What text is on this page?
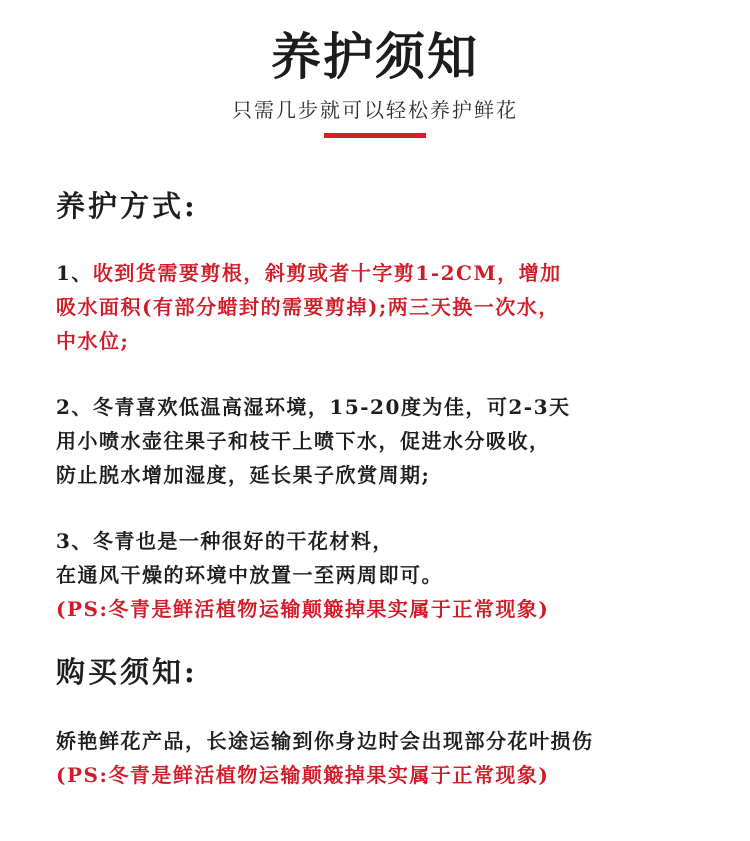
养护须知
只需几步就可以轻松养护鲜花
养护方式:

1、收到货需要剪根，斜剪或者十字剪1-2CM，增加
吸水面积(有部分蜡封的需要剪掉);两三天换一次水，
中水位;

2、冬青喜欢低温高湿环境，15-20度为佳，可2-3天
用小喷水壶往果子和枝干上喷下水，促进水分吸收，
防止脱水增加湿度，延长果子欣赏周期;

3、冬青也是一种很好的干花材料，
在通风干燥的环境中放置一至两周即可。
(PS:冬青是鲜活植物运输颠簸掉果实属于正常现象)

购买须知:

娇艳鲜花产品，长途运输到你身边时会出现部分花叶损伤
(PS:冬青是鲜活植物运输颠簸掉果实属于正常现象)
